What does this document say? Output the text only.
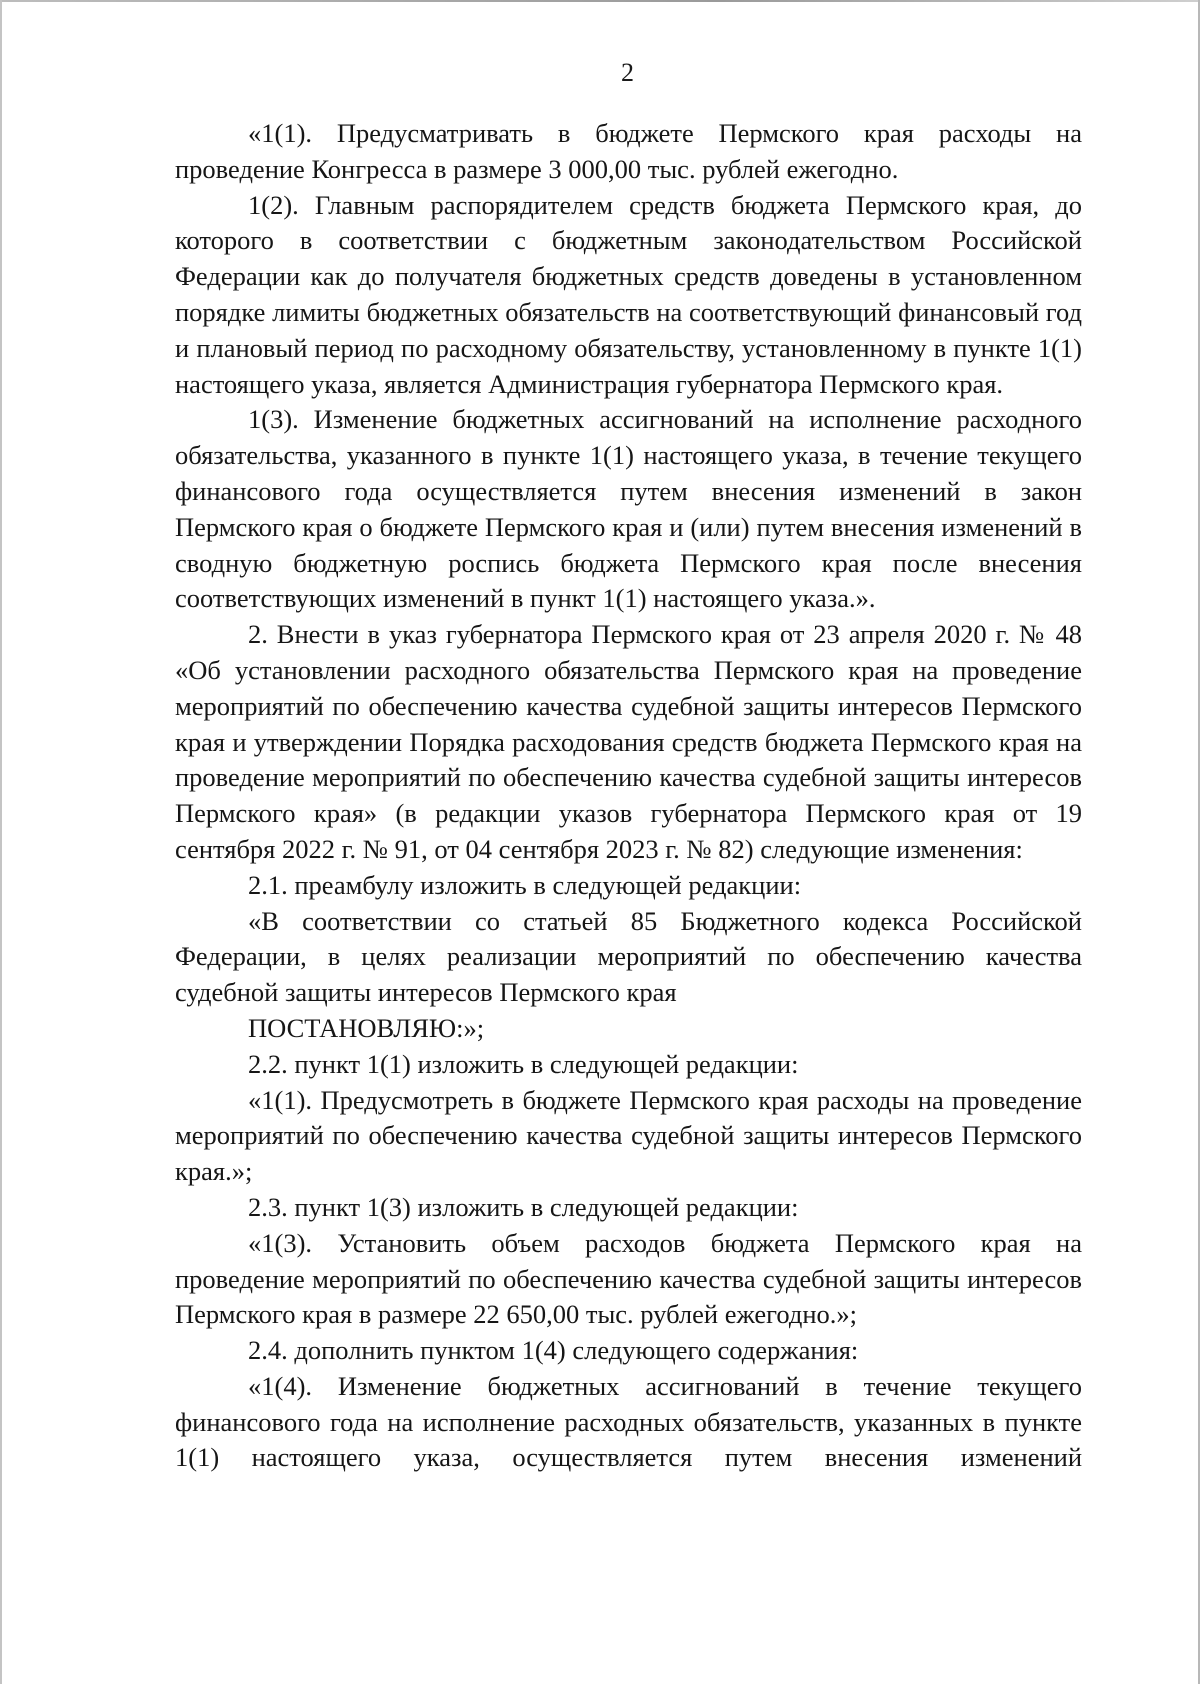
2

«1(1). Предусматривать в бюджете Пермского края расходы на проведение Конгресса в размере 3 000,00 тыс. рублей ежегодно.

1(2). Главным распорядителем средств бюджета Пермского края, до которого в соответствии с бюджетным законодательством Российской Федерации как до получателя бюджетных средств доведены в установленном порядке лимиты бюджетных обязательств на соответствующий финансовый год и плановый период по расходному обязательству, установленному в пункте 1(1) настоящего указа, является Администрация губернатора Пермского края.

1(3). Изменение бюджетных ассигнований на исполнение расходного обязательства, указанного в пункте 1(1) настоящего указа, в течение текущего финансового года осуществляется путем внесения изменений в закон Пермского края о бюджете Пермского края и (или) путем внесения изменений в сводную бюджетную роспись бюджета Пермского края после внесения соответствующих изменений в пункт 1(1) настоящего указа.».

2. Внести в указ губернатора Пермского края от 23 апреля 2020 г. № 48 «Об установлении расходного обязательства Пермского края на проведение мероприятий по обеспечению качества судебной защиты интересов Пермского края и утверждении Порядка расходования средств бюджета Пермского края на проведение мероприятий по обеспечению качества судебной защиты интересов Пермского края» (в редакции указов губернатора Пермского края от 19 сентября 2022 г. № 91, от 04 сентября 2023 г. № 82) следующие изменения:

2.1. преамбулу изложить в следующей редакции:

«В соответствии со статьей 85 Бюджетного кодекса Российской Федерации, в целях реализации мероприятий по обеспечению качества судебной защиты интересов Пермского края

ПОСТАНОВЛЯЮ:»;

2.2. пункт 1(1) изложить в следующей редакции:

«1(1). Предусмотреть в бюджете Пермского края расходы на проведение мероприятий по обеспечению качества судебной защиты интересов Пермского края.»;

2.3. пункт 1(3) изложить в следующей редакции:

«1(3). Установить объем расходов бюджета Пермского края на проведение мероприятий по обеспечению качества судебной защиты интересов Пермского края в размере 22 650,00 тыс. рублей ежегодно.»;

2.4. дополнить пунктом 1(4) следующего содержания:

«1(4). Изменение бюджетных ассигнований в течение текущего финансового года на исполнение расходных обязательств, указанных в пункте 1(1) настоящего указа, осуществляется путем внесения изменений
